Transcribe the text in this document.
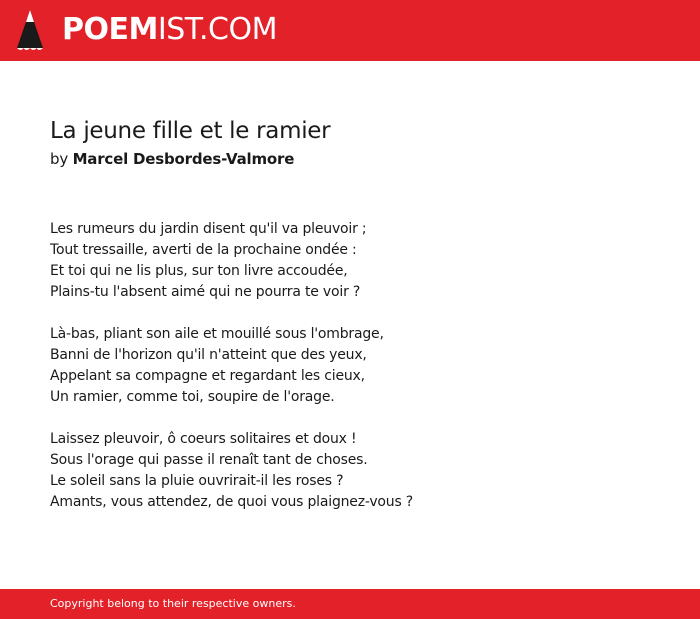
POEMIST.COM
La jeune fille et le ramier
by Marcel Desbordes-Valmore
Les rumeurs du jardin disent qu'il va pleuvoir ;
Tout tressaille, averti de la prochaine ondée :
Et toi qui ne lis plus, sur ton livre accoudée,
Plains-tu l'absent aimé qui ne pourra te voir ?
Là-bas, pliant son aile et mouillé sous l'ombrage,
Banni de l'horizon qu'il n'atteint que des yeux,
Appelant sa compagne et regardant les cieux,
Un ramier, comme toi, soupire de l'orage.
Laissez pleuvoir, ô coeurs solitaires et doux !
Sous l'orage qui passe il renaît tant de choses.
Le soleil sans la pluie ouvrirait-il les roses ?
Amants, vous attendez, de quoi vous plaignez-vous ?
Copyright belong to their respective owners.
